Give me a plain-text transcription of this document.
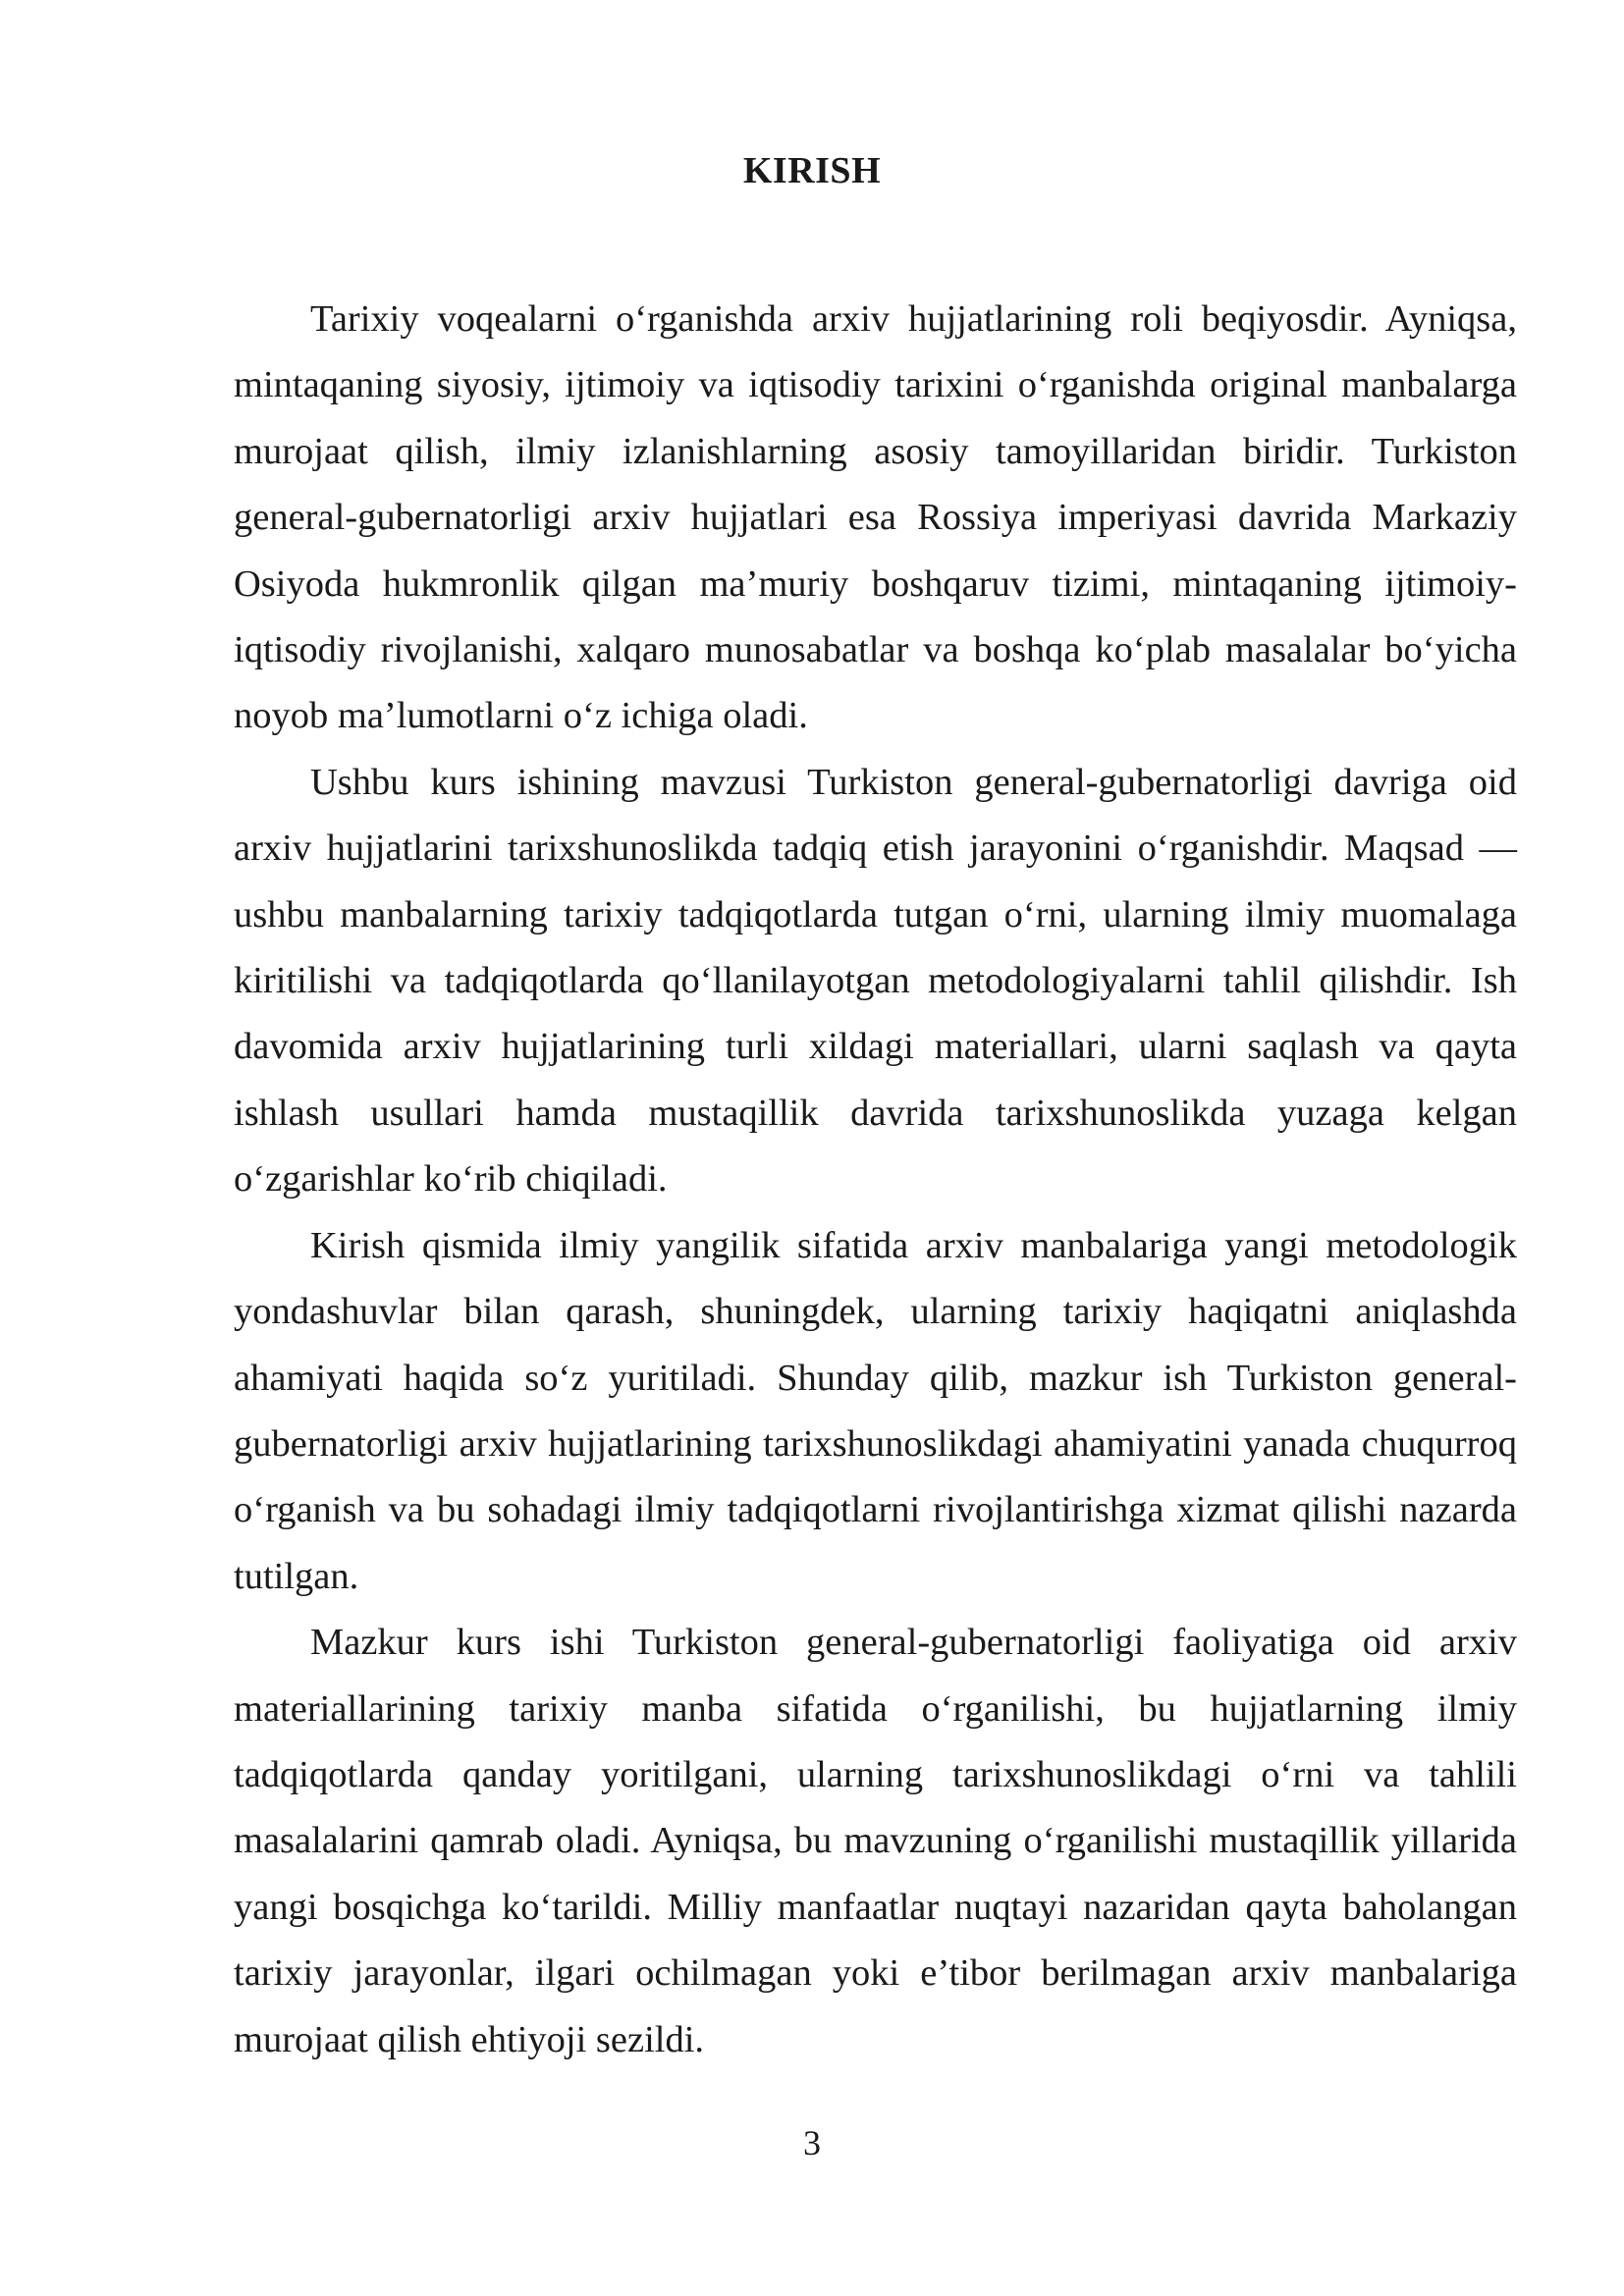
KIRISH

Tarixiy voqealarni o‘rganishda arxiv hujjatlarining roli beqiyosdir. Ayniqsa, mintaqaning siyosiy, ijtimoiy va iqtisodiy tarixini o‘rganishda original manbalarga murojaat qilish, ilmiy izlanishlarning asosiy tamoyillaridan biridir. Turkiston general-gubernatorligi arxiv hujjatlari esa Rossiya imperiyasi davrida Markaziy Osiyoda hukmronlik qilgan ma’muriy boshqaruv tizimi, mintaqaning ijtimoiy-iqtisodiy rivojlanishi, xalqaro munosabatlar va boshqa ko‘plab masalalar bo‘yicha noyob ma’lumotlarni o‘z ichiga oladi.

Ushbu kurs ishining mavzusi Turkiston general-gubernatorligi davriga oid arxiv hujjatlarini tarixshunoslikda tadqiq etish jarayonini o‘rganishdir. Maqsad — ushbu manbalarning tarixiy tadqiqotlarda tutgan o‘rni, ularning ilmiy muomalaga kiritilishi va tadqiqotlarda qo‘llanilayotgan metodologiyalarni tahlil qilishdir. Ish davomida arxiv hujjatlarining turli xildagi materiallari, ularni saqlash va qayta ishlash usullari hamda mustaqillik davrida tarixshunoslikda yuzaga kelgan o‘zgarishlar ko‘rib chiqiladi.

Kirish qismida ilmiy yangilik sifatida arxiv manbalariga yangi metodologik yondashuvlar bilan qarash, shuningdek, ularning tarixiy haqiqatni aniqlashda ahamiyati haqida so‘z yuritiladi. Shunday qilib, mazkur ish Turkiston general-gubernatorligi arxiv hujjatlarining tarixshunoslikdagi ahamiyatini yanada chuqurroq o‘rganish va bu sohadagi ilmiy tadqiqotlarni rivojlantirishga xizmat qilishi nazarda tutilgan.

Mazkur kurs ishi Turkiston general-gubernatorligi faoliyatiga oid arxiv materiallarining tarixiy manba sifatida o‘rganilishi, bu hujjatlarning ilmiy tadqiqotlarda qanday yoritilgani, ularning tarixshunoslikdagi o‘rni va tahlili masalalarini qamrab oladi. Ayniqsa, bu mavzuning o‘rganilishi mustaqillik yillarida yangi bosqichga ko‘tarildi. Milliy manfaatlar nuqtayi nazaridan qayta baholangan tarixiy jarayonlar, ilgari ochilmagan yoki e’tibor berilmagan arxiv manbalariga murojaat qilish ehtiyoji sezildi.

3
